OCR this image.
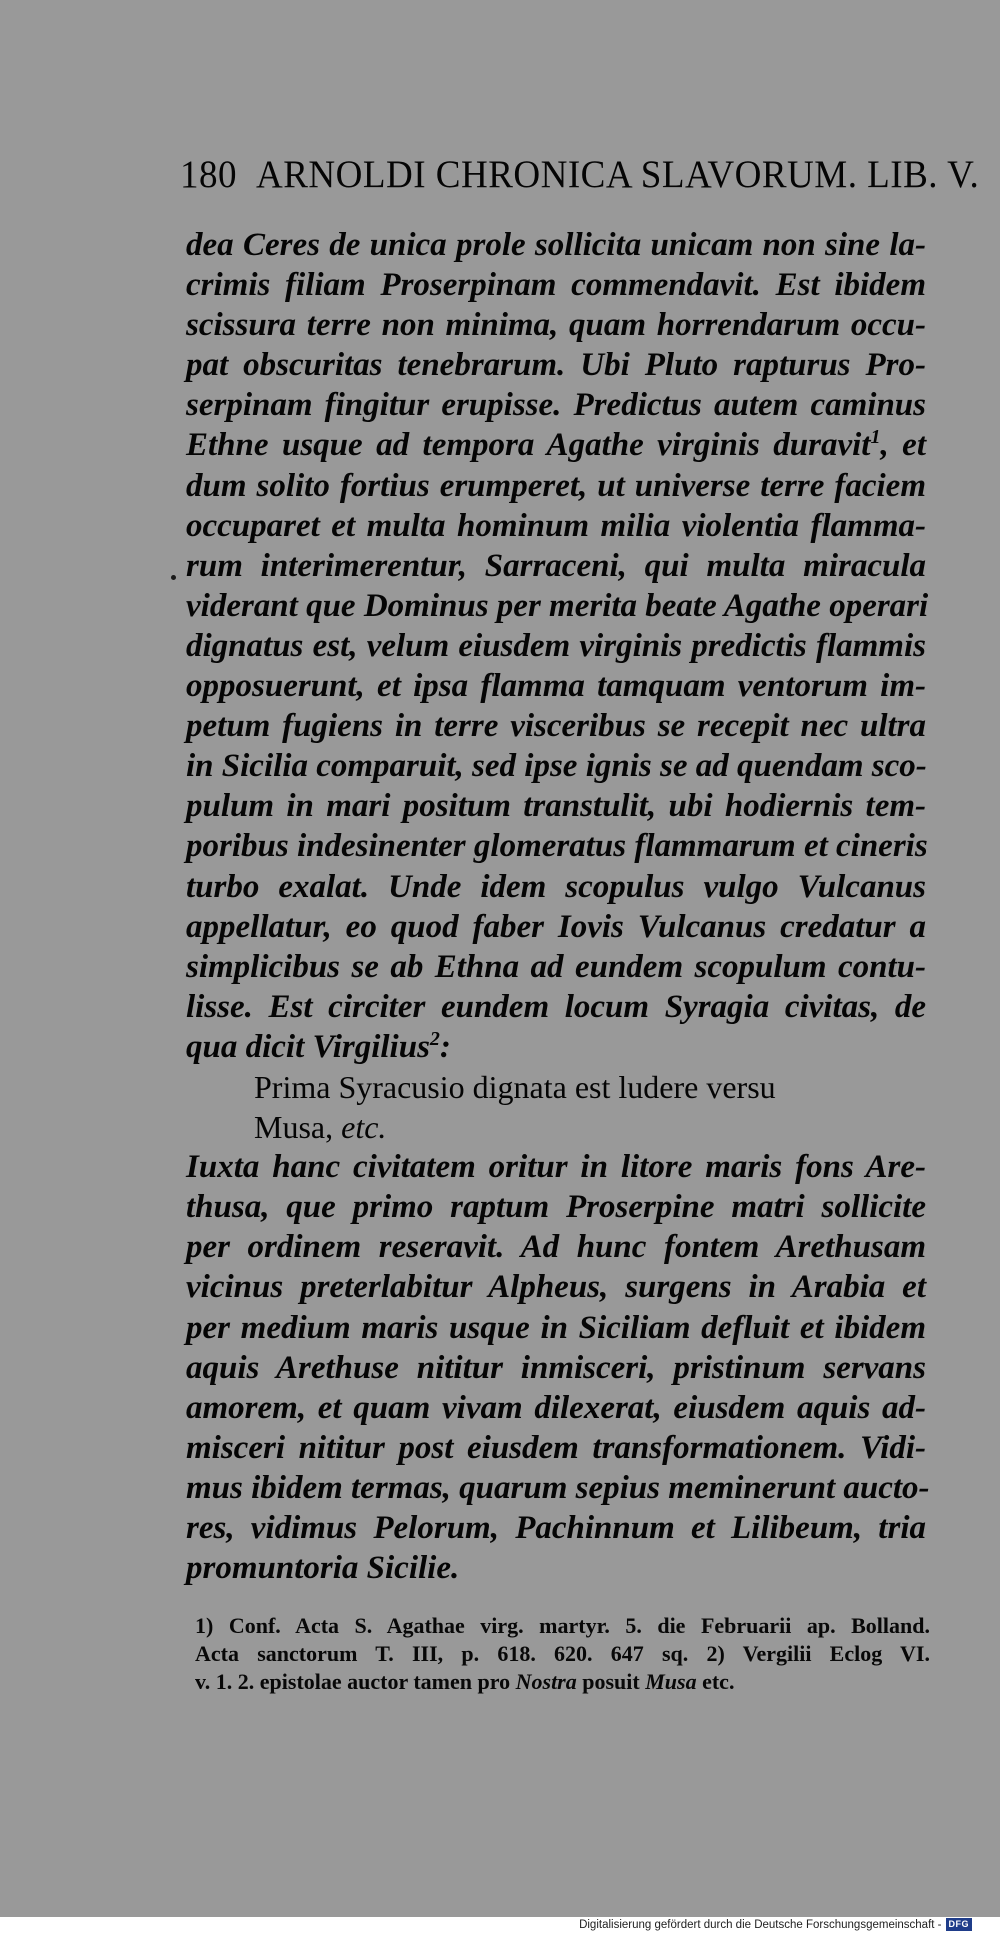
180 ARNOLDI CHRONICA SLAVORUM. LIB. V.
dea Ceres de unica prole sollicita unicam non sine la-
crimis filiam Proserpinam commendavit. Est ibidem
scissura terre non minima, quam horrendarum occu-
pat obscuritas tenebrarum. Ubi Pluto rapturus Pro-
serpinam fingitur erupisse. Predictus autem caminus
Ethne usque ad tempora Agathe virginis duravit$^1$, et
dum solito fortius erumperet, ut universe terre faciem
occuparet et multa hominum milia violentia flamma-
rum interimerentur, Sarraceni, qui multa miracula
viderant que Dominus per merita beate Agathe operari
dignatus est, velum eiusdem virginis predictis flammis
opposuerunt, et ipsa flamma tamquam ventorum im-
petum fugiens in terre visceribus se recepit nec ultra
in Sicilia comparuit, sed ipse ignis se ad quendam sco-
pulum in mari positum transtulit, ubi hodiernis tem-
poribus indesinenter glomeratus flammarum et cineris
turbo exalat. Unde idem scopulus vulgo Vulcanus
appellatur, eo quod faber Iovis Vulcanus credatur a
simplicibus se ab Ethna ad eundem scopulum contu-
lisse. Est circiter eundem locum Syragia civitas, de
qua dicit Virgilius$^2$:
Prima Syracusio dignata est ludere versu
Musa, etc.
Iuxta hanc civitatem oritur in litore maris fons Are-
thusa, que primo raptum Proserpine matri sollicite
per ordinem reseravit. Ad hunc fontem Arethusam
vicinus preterlabitur Alpheus, surgens in Arabia et
per medium maris usque in Siciliam defluit et ibidem
aquis Arethuse nititur inmisceri, pristinum servans
amorem, et quam vivam dilexerat, eiusdem aquis ad-
misceri nititur post eiusdem transformationem. Vidi-
mus ibidem termas, quarum sepius meminerunt aucto-
res, vidimus Pelorum, Pachinnum et Lilibeum, tria
promuntoria Sicilie.
1) Conf. Acta S. Agathae virg. martyr. 5. die Februarii ap. Bolland.
Acta sanctorum T. III, p. 618. 620. 647 sq. 2) Vergilii Eclog VI.
v. 1. 2. epistolae auctor tamen pro Nostra posuit Musa etc.
Digitalisierung gefördert durch die Deutsche Forschungsgemeinschaft - DFG
